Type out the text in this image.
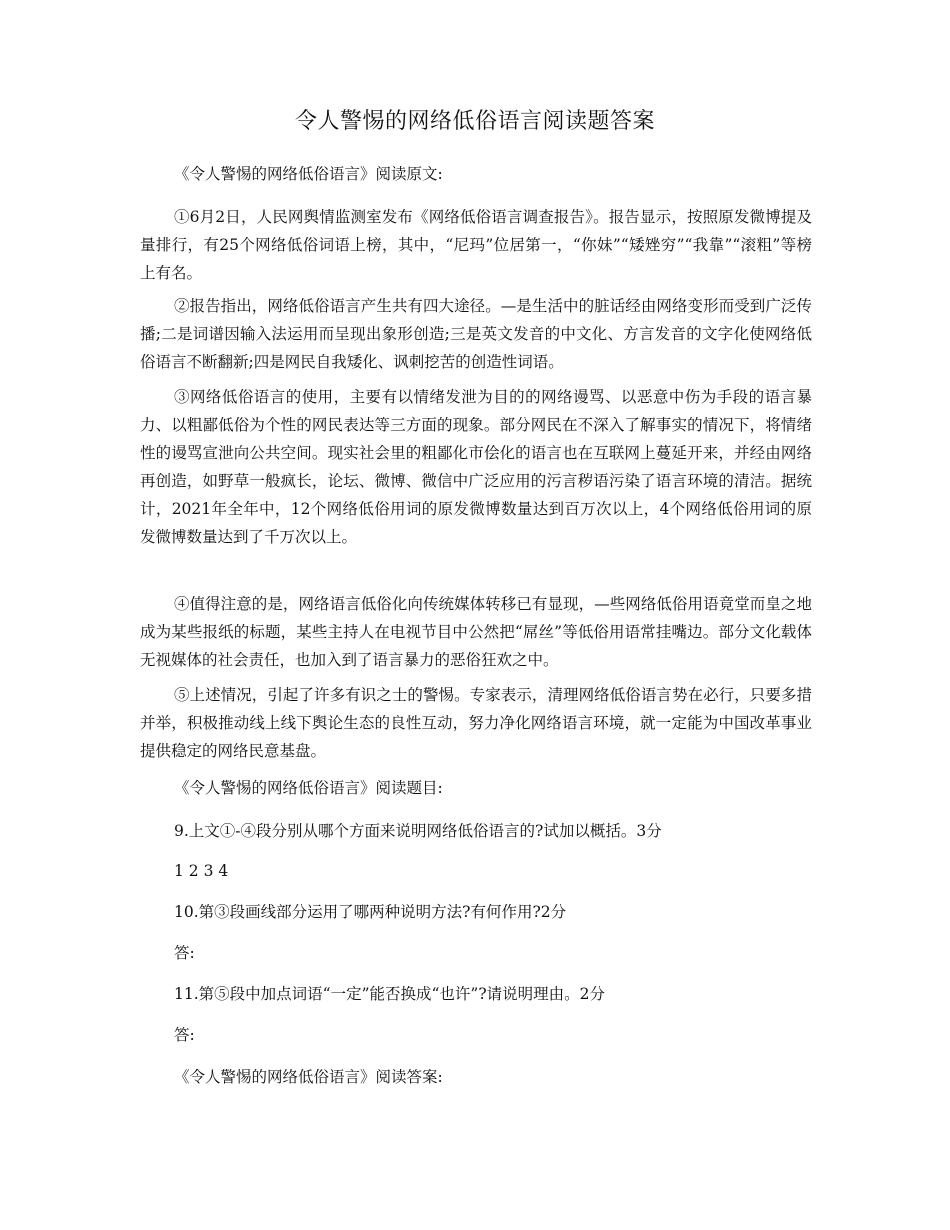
令人警惕的网络低俗语言阅读题答案
《令人警惕的网络低俗语言》阅读原文:

①6月2日，人民网舆情监测室发布《网络低俗语言调查报告》。报告显示，按照原发微博提及量排行，有25个网络低俗词语上榜，其中，“尼玛”位居第一，“你妹”“矮矬穷”“我靠”“滚粗”等榜上有名。

②报告指出，网络低俗语言产生共有四大途径。—是生活中的脏话经由网络变形而受到广泛传播;二是词谱因输入法运用而呈现出象形创造;三是英文发音的中文化、方言发音的文字化使网络低俗语言不断翻新;四是网民自我矮化、讽刺挖苦的创造性词语。

③网络低俗语言的使用，主要有以情绪发泄为目的的网络谩骂、以恶意中伤为手段的语言暴力、以粗鄙低俗为个性的网民表达等三方面的现象。部分网民在不深入了解事实的情况下，将情绪性的谩骂宣泄向公共空间。现实社会里的粗鄙化市侩化的语言也在互联网上蔓延开来，并经由网络再创造，如野草一般疯长，论坛、微博、微信中广泛应用的污言秽语污染了语言环境的清洁。据统计，2021年全年中，12个网络低俗用词的原发微博数量达到百万次以上，4个网络低俗用词的原发微博数量达到了千万次以上。

④值得注意的是，网络语言低俗化向传统媒体转移已有显现，—些网络低俗用语竟堂而皇之地成为某些报纸的标题，某些主持人在电视节目中公然把“屌丝”等低俗用语常挂嘴边。部分文化载体无视媒体的社会责任，也加入到了语言暴力的恶俗狂欢之中。

⑤上述情况，引起了许多有识之士的警惕。专家表示，清理网络低俗语言势在必行，只要多措并举，积极推动线上线下舆论生态的良性互动，努力净化网络语言环境，就一定能为中国改革事业提供稳定的网络民意基盘。

《令人警惕的网络低俗语言》阅读题目:
9.上文①-④段分别从哪个方面来说明网络低俗语言的?试加以概括。3分
1 2 3 4
10.第③段画线部分运用了哪两种说明方法?有何作用?2分
答:
11.第⑤段中加点词语“一定”能否换成“也许”?请说明理由。2分
答:
《令人警惕的网络低俗语言》阅读答案:
